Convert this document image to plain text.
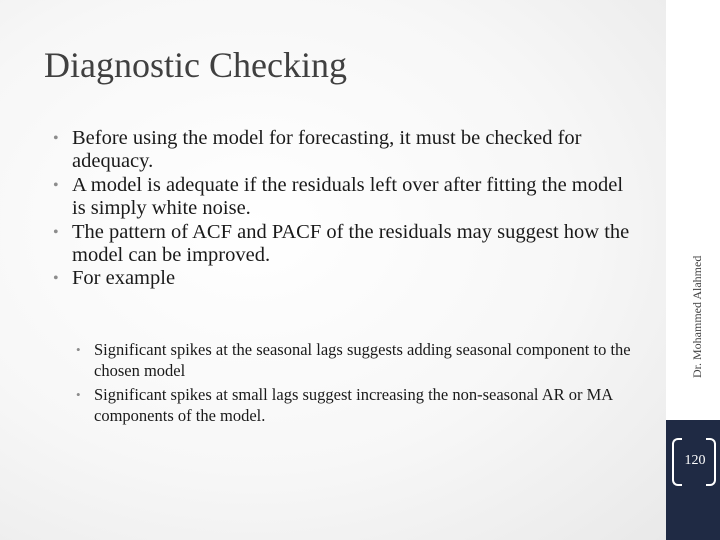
Diagnostic Checking
• Before using the model for forecasting, it must be checked for adequacy.
• A model is adequate if the residuals left over after fitting the model is simply white noise.
• The pattern of ACF and PACF of the residuals may suggest how the model can be improved.
• For example
• Significant spikes at the seasonal lags suggests adding seasonal component to the chosen model
• Significant spikes at small lags suggest increasing the non-seasonal AR or MA components of the model.
Dr. Mohammed Alahmed
120
